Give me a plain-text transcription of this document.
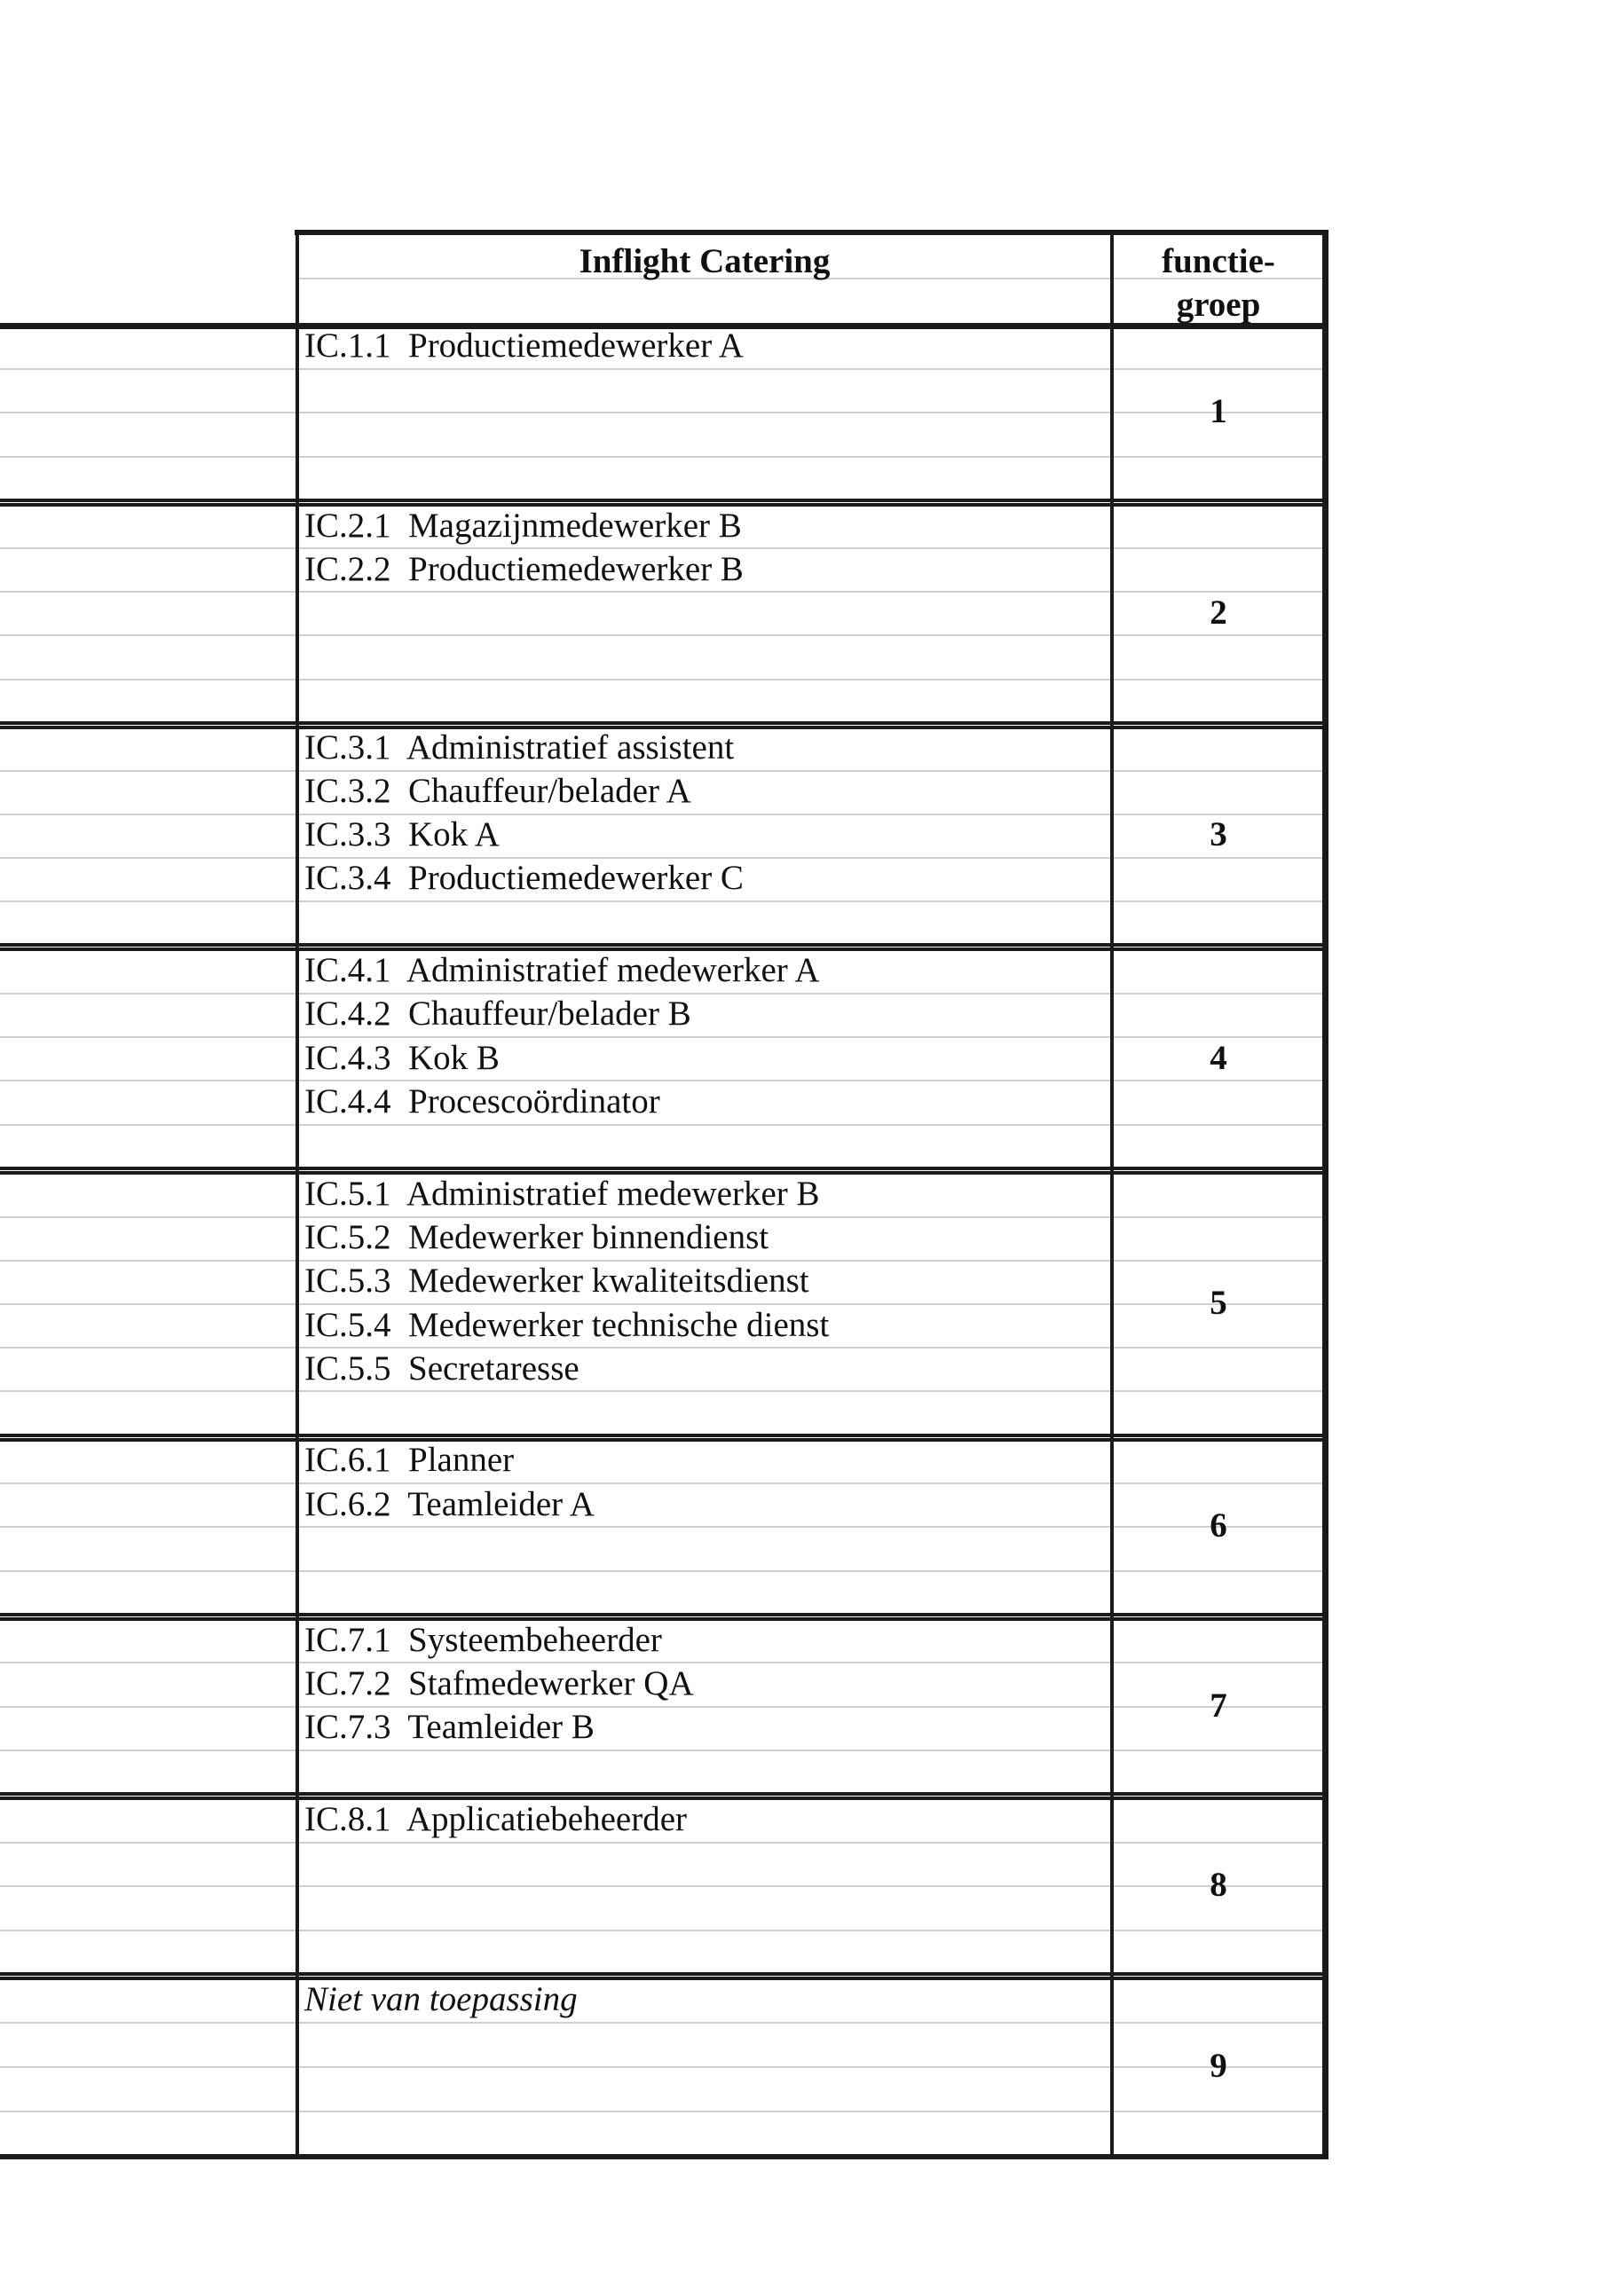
Inflight Catering	functie-
groep
IC.1.1  Productiemedewerker A
1
IC.2.1  Magazijnmedewerker B
IC.2.2  Productiemedewerker B
2
IC.3.1  Administratief assistent
IC.3.2  Chauffeur/belader A
IC.3.3  Kok A
IC.3.4  Productiemedewerker C
3
IC.4.1  Administratief medewerker A
IC.4.2  Chauffeur/belader B
IC.4.3  Kok B
IC.4.4  Procescoördinator
4
IC.5.1  Administratief medewerker B
IC.5.2  Medewerker binnendienst
IC.5.3  Medewerker kwaliteitsdienst
IC.5.4  Medewerker technische dienst
IC.5.5  Secretaresse
5
IC.6.1  Planner
IC.6.2  Teamleider A
6
IC.7.1  Systeembeheerder
IC.7.2  Stafmedewerker QA
IC.7.3  Teamleider B
7
IC.8.1  Applicatiebeheerder
8
Niet van toepassing
9
